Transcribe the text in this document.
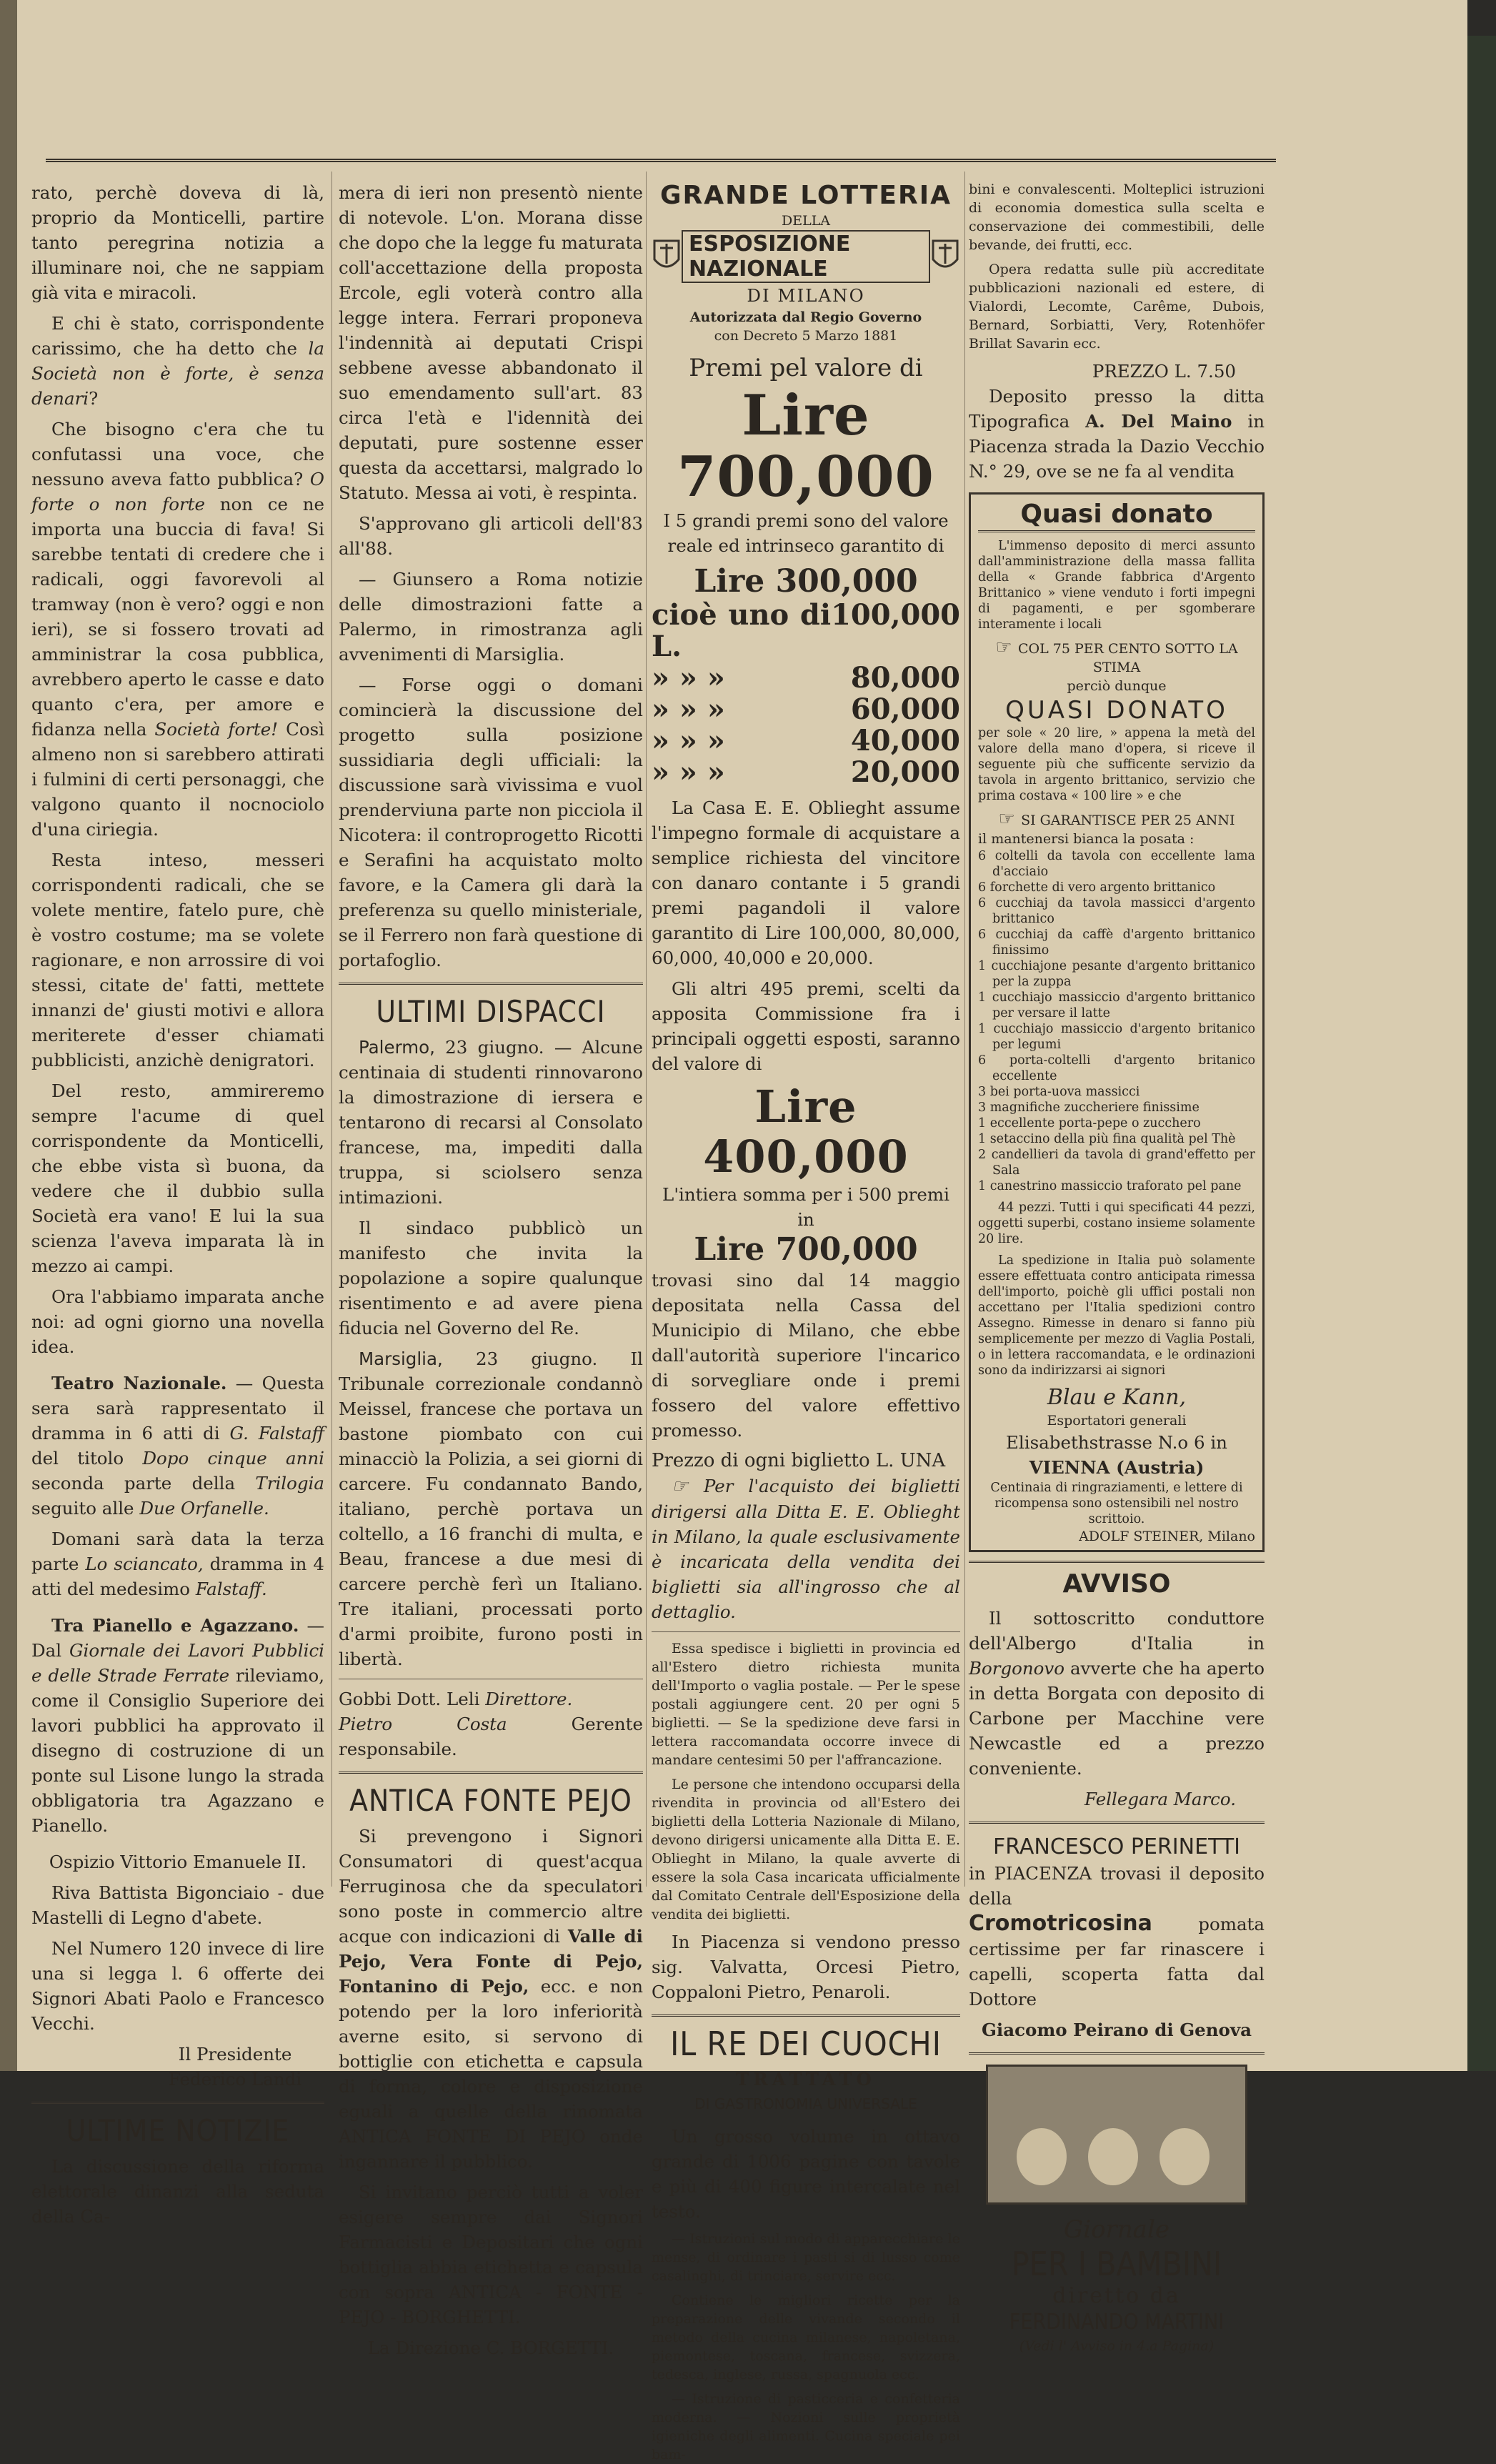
rato, perchè doveva di là, proprio da Monticelli, partire tanto peregrina notizia a illuminare noi, che ne sappiam già vita e miracoli.

E chi è stato, corrispondente carissimo, che ha detto che la Società non è forte, è senza denari?

Che bisogno c'era che tu confutassi una voce, che nessuno aveva fatto pubblica? O forte o non forte non ce ne importa una buccia di fava! Si sarebbe tentati di credere che i radicali, oggi favorevoli al tramway (non è vero? oggi e non ieri), se si fossero trovati ad amministrar la cosa pubblica, avrebbero aperto le casse e dato quanto c'era, per amore e fidanza nella Società forte! Così almeno non si sarebbero attirati i fulmini di certi personaggi, che valgono quanto il nocnociolo d'una ciriegia.

Resta inteso, messeri corrispondenti radicali, che se volete mentire, fatelo pure, chè è vostro costume; ma se volete ragionare, e non arrossire di voi stessi, citate de' fatti, mettete innanzi de' giusti motivi e allora meriterete d'esser chiamati pubblicisti, anzichè denigratori.

Del resto, ammireremo sempre l'acume di quel corrispondente da Monticelli, che ebbe vista sì buona, da vedere che il dubbio sulla Società era vano! E lui la sua scienza l'aveva imparata là in mezzo ai campi.

Ora l'abbiamo imparata anche noi: ad ogni giorno una novella idea.

Teatro Nazionale. — Questa sera sarà rappresentato il dramma in 6 atti di G. Falstaff del titolo Dopo cinque anni seconda parte della Trilogia seguito alle Due Orfanelle.

Domani sarà data la terza parte Lo sciancato, dramma in 4 atti del medesimo Falstaff.

Tra Pianello e Agazzano. — Dal Giornale dei Lavori Pubblici e delle Strade Ferrate rileviamo, come il Consiglio Superiore dei lavori pubblici ha approvato il disegno di costruzione di un ponte sul Lisone lungo la strada obbligatoria tra Agazzano e Pianello.

Ospizio Vittorio Emanuele II.

Riva Battista Bigonciaio - due Mastelli di Legno d'abete.

Nel Numero 120 invece di lire una si legga l. 6 offerte dei Signori Abati Paolo e Francesco Vecchi.

Il Presidente

Federico Landi

ULTIME NOTIZIE

La discussione della riforma elettorale dinanzi alla seduta della Ca-

mera di ieri non presentò niente di notevole. L'on. Morana disse che dopo che la legge fu maturata coll'accettazione della proposta Ercole, egli voterà contro alla legge intera. Ferrari proponeva l'indennità ai deputati Crispi sebbene avesse abbandonato il suo emendamento sull'art. 83 circa l'età e l'idennità dei deputati, pure sostenne esser questa da accettarsi, malgrado lo Statuto. Messa ai voti, è respinta.

S'approvano gli articoli dell'83 all'88.

— Giunsero a Roma notizie delle dimostrazioni fatte a Palermo, in rimostranza agli avvenimenti di Marsiglia.

— Forse oggi o domani comincierà la discussione del progetto sulla posizione sussidiaria degli ufficiali: la discussione sarà vivissima e vuol prenderviuna parte non picciola il Nicotera: il controprogetto Ricotti e Serafini ha acquistato molto favore, e la Camera gli darà la preferenza su quello ministeriale, se il Ferrero non farà questione di portafoglio.

ULTIMI DISPACCI

Palermo, 23 giugno. — Alcune centinaia di studenti rinnovarono la dimostrazione di iersera e tentarono di recarsi al Consolato francese, ma, impediti dalla truppa, si sciolsero senza intimazioni.

Il sindaco pubblicò un manifesto che invita la popolazione a sopire qualunque risentimento e ad avere piena fiducia nel Governo del Re.

Marsiglia, 23 giugno. Il Tribunale correzionale condannò Meissel, francese che portava un bastone piombato con cui minacciò la Polizia, a sei giorni di carcere. Fu condannato Bando, italiano, perchè portava un coltello, a 16 franchi di multa, e Beau, francese a due mesi di carcere perchè ferì un Italiano. Tre italiani, processati porto d'armi proibite, furono posti in libertà.

Gobbi Dott. Leli Direttore.

Pietro Costa Gerente responsabile.

ANTICA FONTE PEJO

Si prevengono i Signori Consumatori di quest'acqua Ferruginosa che da speculatori sono poste in commercio altre acque con indicazioni di Valle di Pejo, Vera Fonte di Pejo, Fontanino di Pejo, ecc. e non potendo per la loro inferiorità averne esito, si servono di bottiglie con etichetta e capsula di forma, colore e disposizione eguali a quelle della rinomata ANTICA FONTE DI PEJO onde ingannare il pubblico.

Si invitano perciò tutti a voler esigere sempre dai Signori Farmacisti e Depositari che ogni bottiglia abbia etichetta e capsula con sopra ANTICA - FONTE - PEJO - BORGHETTI.

La Direzione C. BORGETTI.

GRANDE LOTTERIA
DELLA
ESPOSIZIONE NAZIONALE
DI MILANO
Autorizzata dal Regio Governo
con Decreto 5 Marzo 1881
Premi pel valore di
Lire 700,000

I 5 grandi premi sono del valore reale ed intrinseco garantito di

Lire 300,000
cioè uno di L.
100,000
» » »	80,000
» » »	60,000
» » »	40,000
» » »	20,000

La Casa E. E. Oblieght assume l'impegno formale di acquistare a semplice richiesta del vincitore con danaro contante i 5 grandi premi pagandoli il valore garantito di Lire 100,000, 80,000, 60,000, 40,000 e 20,000.

Gli altri 495 premi, scelti da apposita Commissione fra i principali oggetti esposti, saranno del valore di

Lire 400,000
L'intiera somma per i 500 premi in
Lire 700,000

trovasi sino dal 14 maggio depositata nella Cassa del Municipio di Milano, che ebbe dall'autorità superiore l'incarico di sorvegliare onde i premi fossero del valore effettivo promesso.

Prezzo di ogni biglietto L. UNA

☞ Per l'acquisto dei biglietti dirigersi alla Ditta E. E. Oblieght in Milano, la quale esclusivamente è incaricata della vendita dei biglietti sia all'ingrosso che al dettaglio.

Essa spedisce i biglietti in provincia ed all'Estero dietro richiesta munita dell'Importo o vaglia postale. — Per le spese postali aggiungere cent. 20 per ogni 5 biglietti. — Se la spedizione deve farsi in lettera raccomandata occorre invece di mandare centesimi 50 per l'affrancazione.

Le persone che intendono occuparsi della rivendita in provincia od all'Estero dei biglietti della Lotteria Nazionale di Milano, devono dirigersi unicamente alla Ditta E. E. Oblieght in Milano, la quale avverte di essere la sola Casa incaricata ufficialmente dal Comitato Centrale dell'Esposizione della vendita dei biglietti.

In Piacenza si vendono presso sig. Valvatta, Orcesi Pietro, Coppaloni Pietro, Penaroli.

IL RE DEI CUOCHI
TRATTATO
DI GASTRONOMIA UNIVERSALE

Un grosso volume in ottavo grande di 1006 pagine con tavole e più di 400 figure intercalate nel testo.

— Istruzioni sul modo di apparecchiare le mense, di ordinare i pasti si di lusso come casalinghi, di trinciare, servire ecc.

Contiene le migliori ricette per la preparazione delle vivande secondo il metodo della cucina milanese, napoletana, piemontese, toscana, francese, svizzera, tedesca, inglese, russa, spagnuola ecc.

— Istruzione di pasticceria e confetteria moderna. — Nozioni sulle proprietà igieniche degli alimenti. Cucina speciale pei bam-

bini e convalescenti. Molteplici istruzioni di economia domestica sulla scelta e conservazione dei commestibili, delle bevande, dei frutti, ecc.

Opera redatta sulle più accreditate pubblicazioni nazionali ed estere, di Vialordi, Lecomte, Carême, Dubois, Bernard, Sorbiatti, Very, Rotenhöfer Brillat Savarin ecc.

PREZZO L. 7.50

Deposito presso la ditta Tipografica A. Del Maino in Piacenza strada la Dazio Vecchio N.° 29, ove se ne fa al vendita

Quasi donato

L'immenso deposito di merci assunto dall'amministrazione della massa fallita della « Grande fabbrica d'Argento Brittanico » viene venduto i forti impegni di pagamenti, e per sgomberare interamente i locali

☞ COL 75 PER CENTO SOTTO LA STIMA
perciò dunque
QUASI DONATO

per sole « 20 lire, » appena la metà del valore della mano d'opera, si riceve il seguente più che sufficente servizio da tavola in argento brittanico, servizio che prima costava « 100 lire » e che

☞ SI GARANTISCE PER 25 ANNI
il mantenersi bianca la posata :
6 coltelli da tavola con eccellente lama d'acciaio
6 forchette di vero argento brittanico
6 cucchiaj da tavola massicci d'argento brittanico
6 cucchiaj da caffè d'argento brittanico finissimo
1 cucchiajone pesante d'argento brittanico per la zuppa
1 cucchiajo massiccio d'argento brittanico per versare il latte
1 cucchiajo massiccio d'argento britanico per legumi
6 porta-coltelli d'argento britanico eccellente
3 bei porta-uova massicci
3 magnifiche zuccheriere finissime
1 eccellente porta-pepe o zucchero
1 setaccino della più fina qualità pel Thè
2 candellieri da tavola di grand'effetto per Sala
1 canestrino massiccio traforato pel pane

44 pezzi. Tutti i qui specificati 44 pezzi, oggetti superbi, costano insieme solamente 20 lire.

La spedizione in Italia può solamente essere effettuata contro anticipata rimessa dell'importo, poichè gli uffici postali non accettano per l'Italia spedizioni contro Assegno. Rimesse in denaro si fanno più semplicemente per mezzo di Vaglia Postali, o in lettera raccomandata, e le ordinazioni sono da indirizzarsi ai signori

Blau e Kann,
Esportatori generali
Elisabethstrasse N.o 6 in
VIENNA (Austria)
Centinaia di ringraziamenti, e lettere di ricompensa sono ostensibili nel nostro scrittoio.
ADOLF STEINER, Milano
AVVISO

Il sottoscritto conduttore dell'Albergo d'Italia in Borgonovo avverte che ha aperto in detta Borgata con deposito di Carbone per Macchine vere Newcastle ed a prezzo conveniente.

Fellegara Marco.
FRANCESCO PERINETTI

in PIACENZA trovasi il deposito della
Cromotricosina pomata certissime per far rinascere i capelli, scoperta fatta dal Dottore

Giacomo Peirano di Genova
Giornale
PER I BAMBINI
diretto da
FERDINANDO MARTINI
(Vedi l' Avviso in 4.a Pagina)
